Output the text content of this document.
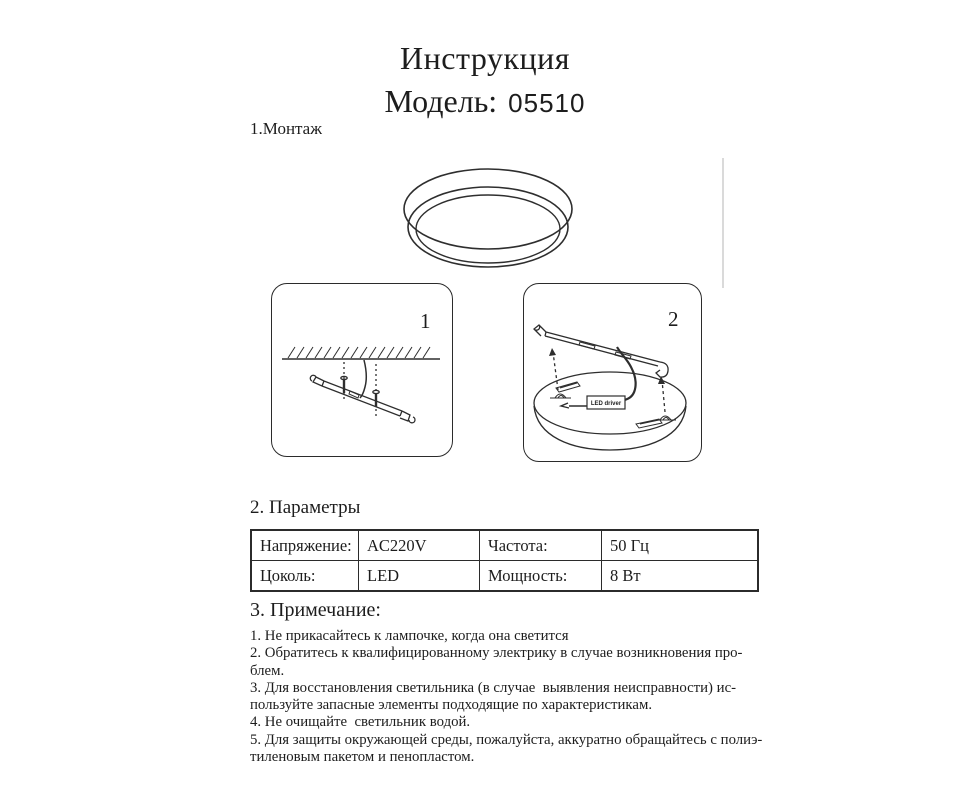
Инструкция
Модель: 05510
1.Монтаж
1	2
LED driver
2. Параметры
Напряжение:	AC220V	Частота:	50 Гц
Цоколь:	LED	Мощность:	8 Вт
3. Примечание:
1. Не прикасайтесь к лампочке, когда она светится
2. Обратитесь к квалифицированному электрику в случае возникновения про-
блем.
3. Для восстановления светильника (в случае  выявления неисправности) ис-
пользуйте запасные элементы подходящие по характеристикам.
4. Не очищайте  светильник водой.
5. Для защиты окружающей среды, пожалуйста, аккуратно обращайтесь с полиэ-
тиленовым пакетом и пенопластом.
